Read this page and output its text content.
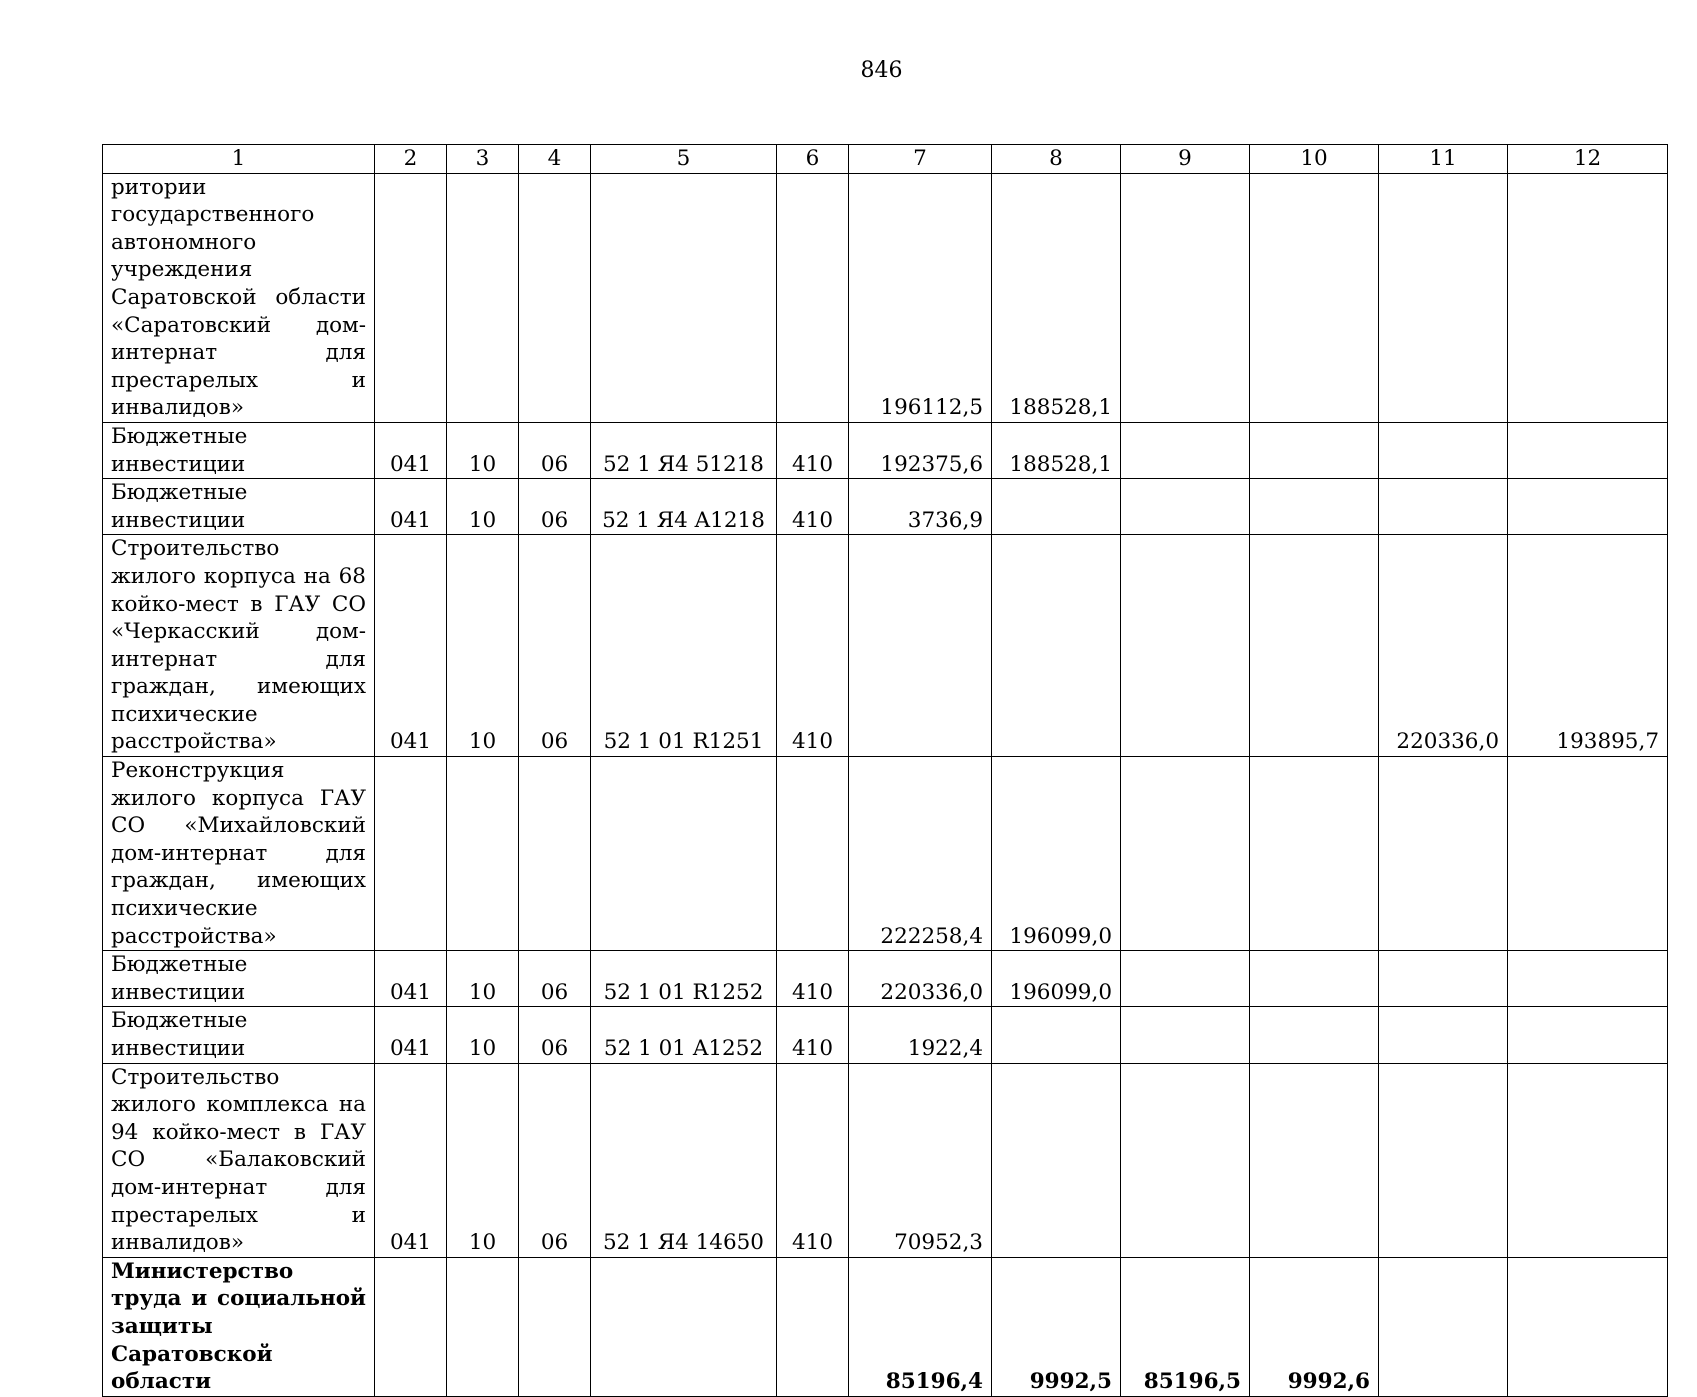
846
1	2	3	4	5	6	7	8	9	10	11	12
ритории государственного автономного учреждения Саратовской области «Саратовский дом-интернат для престарелых и инвалидов»						196112,5	188528,1				
Бюджетные инвестиции	041	10	06	52 1 Я4 51218	410	192375,6	188528,1				
Бюджетные инвестиции	041	10	06	52 1 Я4 A1218	410	3736,9					
Строительство жилого корпуса на 68 койко-мест в ГАУ СО «Черкасский дом-интернат для граждан, имеющих психические расстройства»	041	10	06	52 1 01 R1251	410					220336,0	193895,7
Реконструкция жилого корпуса ГАУ СО «Михайловский дом-интернат для граждан, имеющих психические расстройства»						222258,4	196099,0				
Бюджетные инвестиции	041	10	06	52 1 01 R1252	410	220336,0	196099,0				
Бюджетные инвестиции	041	10	06	52 1 01 A1252	410	1922,4					
Строительство жилого комплекса на 94 койко-мест в ГАУ СО «Балаковский дом-интернат для престарелых и инвалидов»	041	10	06	52 1 Я4 14650	410	70952,3					
Министерство труда и социальной защиты Саратовской области						85196,4	9992,5	85196,5	9992,6		
